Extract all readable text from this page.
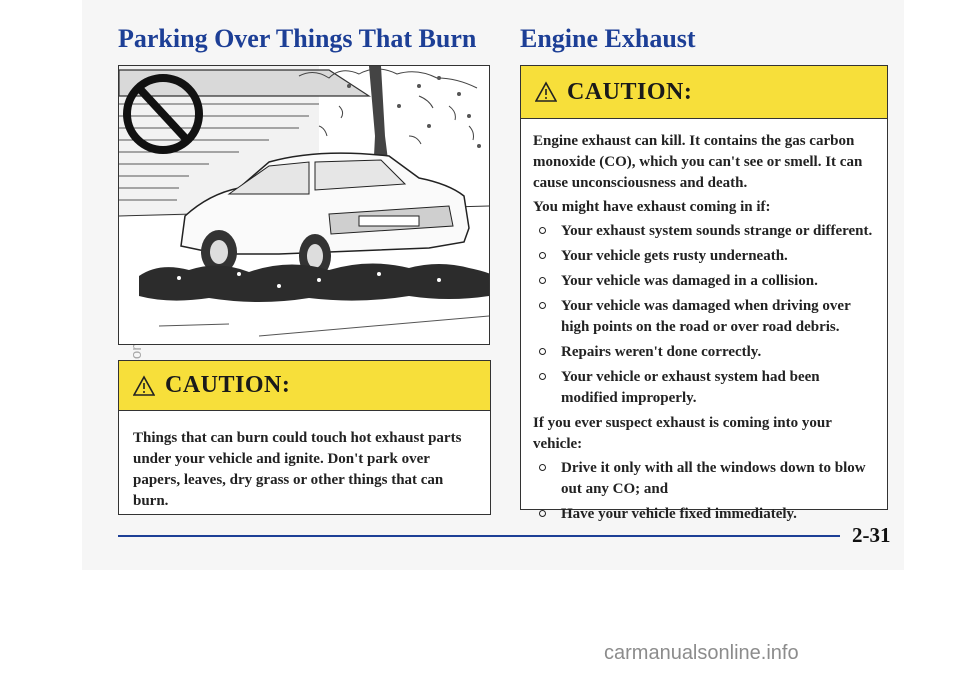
Parking Over Things That Burn
CAUTION:

Things that can burn could touch hot exhaust parts under your vehicle and ignite. Don't park over papers, leaves, dry grass or other things that can burn.

Engine Exhaust
CAUTION:

Engine exhaust can kill. It contains the gas carbon monoxide (CO), which you can't see or smell. It can cause unconsciousness and death.

You might have exhaust coming in if:

Your exhaust system sounds strange or different.
Your vehicle gets rusty underneath.
Your vehicle was damaged in a collision.
Your vehicle was damaged when driving over high points on the road or over road debris.
Repairs weren't done correctly.
Your vehicle or exhaust system had been modified improperly.

If you ever suspect exhaust is coming into your vehicle:

Drive it only with all the windows down to blow out any CO; and
Have your vehicle fixed immediately.
2-31
carmanualsonline.info
